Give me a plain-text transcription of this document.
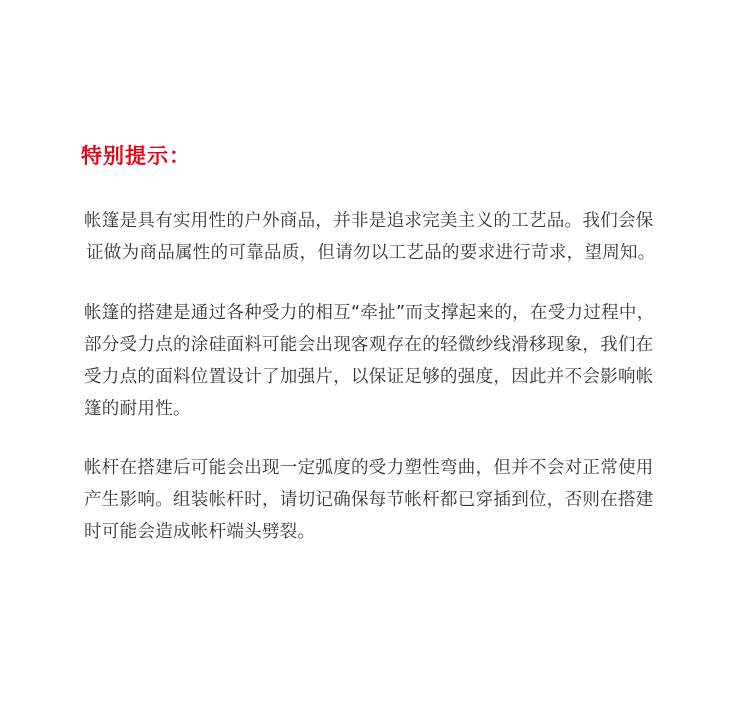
特别提示：

帐篷是具有实用性的户外商品，并非是追求完美主义的工艺品。我们会保
证做为商品属性的可靠品质，但请勿以工艺品的要求进行苛求，望周知。

帐篷的搭建是通过各种受力的相互“牵扯”而支撑起来的，在受力过程中，
部分受力点的涂硅面料可能会出现客观存在的轻微纱线滑移现象，我们在
受力点的面料位置设计了加强片，以保证足够的强度，因此并不会影响帐
篷的耐用性。

帐杆在搭建后可能会出现一定弧度的受力塑性弯曲，但并不会对正常使用
产生影响。组装帐杆时，请切记确保每节帐杆都已穿插到位，否则在搭建
时可能会造成帐杆端头劈裂。
